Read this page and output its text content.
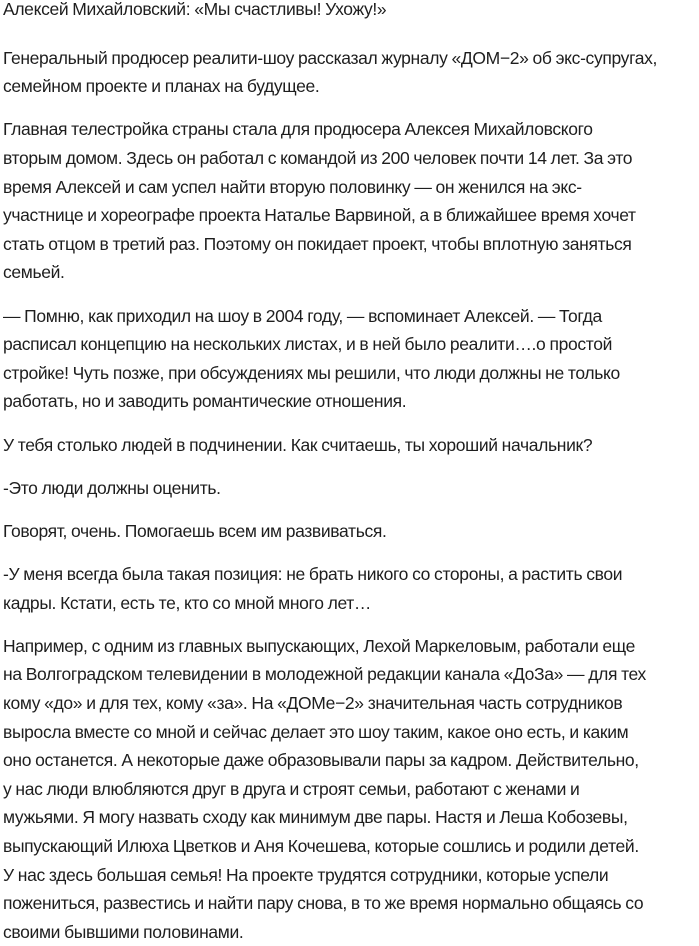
Алексей Михайловский: «Мы счастливы! Ухожу!»

Генеральный продюсер реалити-шоу рассказал журналу «ДОМ−2» об экс-супругах,
семейном проекте и планах на будущее.

Главная телестройка страны стала для продюсера Алексея Михайловского
вторым домом. Здесь он работал с командой из 200 человек почти 14 лет. За это
время Алексей и сам успел найти вторую половинку — он женился на экс-
участнице и хореографе проекта Наталье Варвиной, а в ближайшее время хочет
стать отцом в третий раз. Поэтому он покидает проект, чтобы вплотную заняться
семьей.

— Помню, как приходил на шоу в 2004 году, — вспоминает Алексей. — Тогда
расписал концепцию на нескольких листах, и в ней было реалити….о простой
стройке! Чуть позже, при обсуждениях мы решили, что люди должны не только
работать, но и заводить романтические отношения.

У тебя столько людей в подчинении. Как считаешь, ты хороший начальник?

-Это люди должны оценить.

Говорят, очень. Помогаешь всем им развиваться.

-У меня всегда была такая позиция: не брать никого со стороны, а растить свои
кадры. Кстати, есть те, кто со мной много лет…

Например, с одним из главных выпускающих, Лехой Маркеловым, работали еще
на Волгоградском телевидении в молодежной редакции канала «ДоЗа» — для тех
кому «до» и для тех, кому «за». На «ДОМе−2» значительная часть сотрудников
выросла вместе со мной и сейчас делает это шоу таким, какое оно есть, и каким
оно останется. А некоторые даже образовывали пары за кадром. Действительно,
у нас люди влюбляются друг в друга и строят семьи, работают с женами и
мужьями. Я могу назвать сходу как минимум две пары. Настя и Леша Кобозевы,
выпускающий Илюха Цветков и Аня Кочешева, которые сошлись и родили детей.
У нас здесь большая семья! На проекте трудятся сотрудники, которые успели
пожениться, развестись и найти пару снова, в то же время нормально общаясь со
своими бывшими половинами.
